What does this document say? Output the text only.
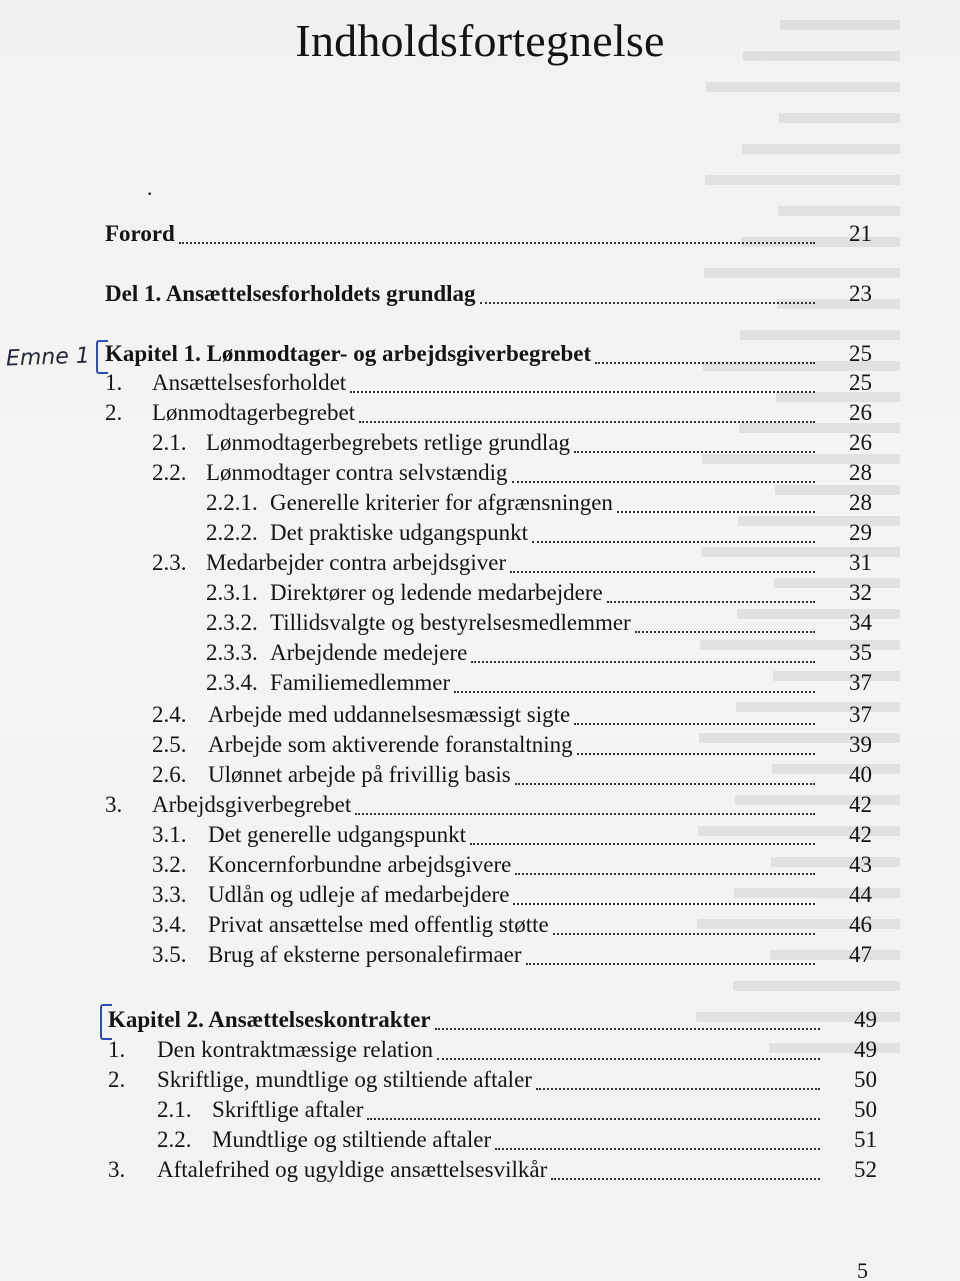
Indholdsfortegnelse
·
Emne 1
Forord	21
Del 1. Ansættelsesforholdets grundlag	23
Kapitel 1. Lønmodtager- og arbejdsgiverbegrebet	25
1. Ansættelsesforholdet	25
2. Lønmodtagerbegrebet	26
2.1. Lønmodtagerbegrebets retlige grundlag	26
2.2. Lønmodtager contra selvstændig	28
2.2.1. Generelle kriterier for afgrænsningen	28
2.2.2. Det praktiske udgangspunkt	29
2.3. Medarbejder contra arbejdsgiver	31
2.3.1. Direktører og ledende medarbejdere	32
2.3.2. Tillidsvalgte og bestyrelsesmedlemmer	34
2.3.3. Arbejdende medejere	35
2.3.4. Familiemedlemmer	37
2.4. Arbejde med uddannelsesmæssigt sigte	37
2.5. Arbejde som aktiverende foranstaltning	39
2.6. Ulønnet arbejde på frivillig basis	40
3. Arbejdsgiverbegrebet	42
3.1. Det generelle udgangspunkt	42
3.2. Koncernforbundne arbejdsgivere	43
3.3. Udlån og udleje af medarbejdere	44
3.4. Privat ansættelse med offentlig støtte	46
3.5. Brug af eksterne personalefirmaer	47
Kapitel 2. Ansættelseskontrakter	49
1. Den kontraktmæssige relation	49
2. Skriftlige, mundtlige og stiltiende aftaler	50
2.1. Skriftlige aftaler	50
2.2. Mundtlige og stiltiende aftaler	51
3. Aftalefrihed og ugyldige ansættelsesvilkår	52
5
